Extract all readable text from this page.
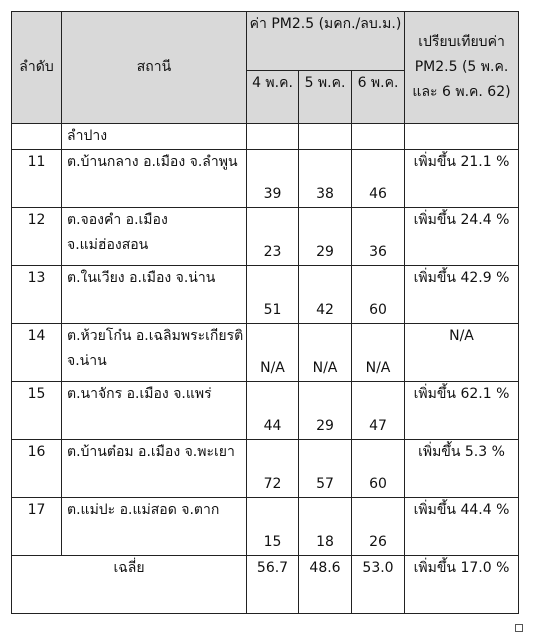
ลำดับ	สถานี	ค่า PM2.5 (มคก./ลบ.ม.)			เปรียบเทียบค่า PM2.5 (5 พ.ค. และ 6 พ.ค. 62)
		4 พ.ค.	5 พ.ค.	6 พ.ค.	
	ลำปาง				
11	ต.บ้านกลาง อ.เมือง จ.ลำพูน	39	38	46	เพิ่มขึ้น 21.1 %
12	ต.จองคำ อ.เมือง จ.แม่ฮ่องสอน	23	29	36	เพิ่มขึ้น 24.4 %
13	ต.ในเวียง อ.เมือง จ.น่าน	51	42	60	เพิ่มขึ้น 42.9 %
14	ต.ห้วยโก๋น อ.เฉลิมพระเกียรติ จ.น่าน	N/A	N/A	N/A	N/A
15	ต.นาจักร อ.เมือง จ.แพร่	44	29	47	เพิ่มขึ้น 62.1 %
16	ต.บ้านต๋อม อ.เมือง จ.พะเยา	72	57	60	เพิ่มขึ้น 5.3 %
17	ต.แม่ปะ อ.แม่สอด จ.ตาก	15	18	26	เพิ่มขึ้น 44.4 %
เฉลี่ย		56.7	48.6	53.0	เพิ่มขึ้น 17.0 %
